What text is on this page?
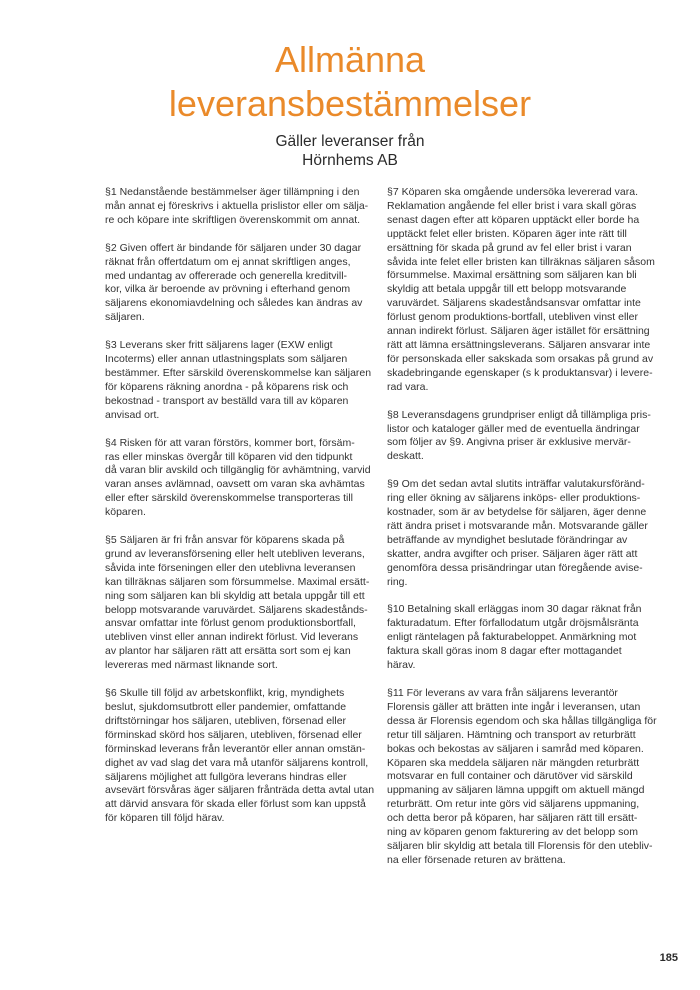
Allmänna
leveransbestämmelser
Gäller leveranser från
Hörnhems AB
§1 Nedanstående bestämmelser äger tillämpning i den
mån annat ej föreskrivs i aktuella prislistor eller om sälja-
re och köpare inte skriftligen överenskommit om annat.
§2 Given offert är bindande för säljaren under 30 dagar
räknat från offertdatum om ej annat skriftligen anges,
med undantag av offererade och generella kreditvill-
kor, vilka är beroende av prövning i efterhand genom
säljarens ekonomiavdelning och således kan ändras av
säljaren.
§3 Leverans sker fritt säljarens lager (EXW enligt
Incoterms) eller annan utlastningsplats som säljaren
bestämmer. Efter särskild överenskommelse kan säljaren
för köparens räkning anordna - på köparens risk och
bekostnad - transport av beställd vara till av köparen
anvisad ort.
§4 Risken för att varan förstörs, kommer bort, försäm-
ras eller minskas övergår till köparen vid den tidpunkt
då varan blir avskild och tillgänglig för avhämtning, varvid
varan anses avlämnad, oavsett om varan ska avhämtas
eller efter särskild överenskommelse transporteras till
köparen.
§5 Säljaren är fri från ansvar för köparens skada på
grund av leveransförsening eller helt utebliven leverans,
såvida inte förseningen eller den uteblivna leveransen
kan tillräknas säljaren som försummelse. Maximal ersätt-
ning som säljaren kan bli skyldig att betala uppgår till ett
belopp motsvarande varuvärdet. Säljarens skadestånds-
ansvar omfattar inte förlust genom produktionsbortfall,
utebliven vinst eller annan indirekt förlust. Vid leverans
av plantor har säljaren rätt att ersätta sort som ej kan
levereras med närmast liknande sort.
§6 Skulle till följd av arbetskonflikt, krig, myndighets
beslut, sjukdomsutbrott eller pandemier, omfattande
driftstörningar hos säljaren, utebliven, försenad eller
förminskad skörd hos säljaren, utebliven, försenad eller
förminskad leverans från leverantör eller annan omstän-
dighet av vad slag det vara må utanför säljarens kontroll,
säljarens möjlighet att fullgöra leverans hindras eller
avsevärt försvåras äger säljaren frånträda detta avtal utan
att därvid ansvara för skada eller förlust som kan uppstå
för köparen till följd härav.
§7 Köparen ska omgående undersöka levererad vara.
Reklamation angående fel eller brist i vara skall göras
senast dagen efter att köparen upptäckt eller borde ha
upptäckt felet eller bristen. Köparen äger inte rätt till
ersättning för skada på grund av fel eller brist i varan
såvida inte felet eller bristen kan tillräknas säljaren såsom
försummelse. Maximal ersättning som säljaren kan bli
skyldig att betala uppgår till ett belopp motsvarande
varuvärdet. Säljarens skadeståndsansvar omfattar inte
förlust genom produktions-bortfall, utebliven vinst eller
annan indirekt förlust. Säljaren äger istället för ersättning
rätt att lämna ersättningsleverans. Säljaren ansvarar inte
för personskada eller sakskada som orsakas på grund av
skadebringande egenskaper (s k produktansvar) i levere-
rad vara.
§8 Leveransdagens grundpriser enligt då tillämpliga pris-
listor och kataloger gäller med de eventuella ändringar
som följer av §9. Angivna priser är exklusive mervär-
deskatt.
§9 Om det sedan avtal slutits inträffar valutakursföränd-
ring eller ökning av säljarens inköps- eller produktions-
kostnader, som är av betydelse för säljaren, äger denne
rätt ändra priset i motsvarande mån. Motsvarande gäller
beträffande av myndighet beslutade förändringar av
skatter, andra avgifter och priser. Säljaren äger rätt att
genomföra dessa prisändringar utan föregående avise-
ring.
§10 Betalning skall erläggas inom 30 dagar räknat från
fakturadatum. Efter förfallodatum utgår dröjsmålsränta
enligt räntelagen på fakturabeloppet. Anmärkning mot
faktura skall göras inom 8 dagar efter mottagandet
härav.
§11 För leverans av vara från säljarens leverantör
Florensis gäller att brätten inte ingår i leveransen, utan
dessa är Florensis egendom och ska hållas tillgängliga för
retur till säljaren. Hämtning och transport av returbrätt
bokas och bekostas av säljaren i samråd med köparen.
Köparen ska meddela säljaren när mängden returbrätt
motsvarar en full container och därutöver vid särskild
uppmaning av säljaren lämna uppgift om aktuell mängd
returbrätt. Om retur inte görs vid säljarens uppmaning,
och detta beror på köparen, har säljaren rätt till ersätt-
ning av köparen genom fakturering av det belopp som
säljaren blir skyldig att betala till Florensis för den utebliv-
na eller försenade returen av brättena.
185
